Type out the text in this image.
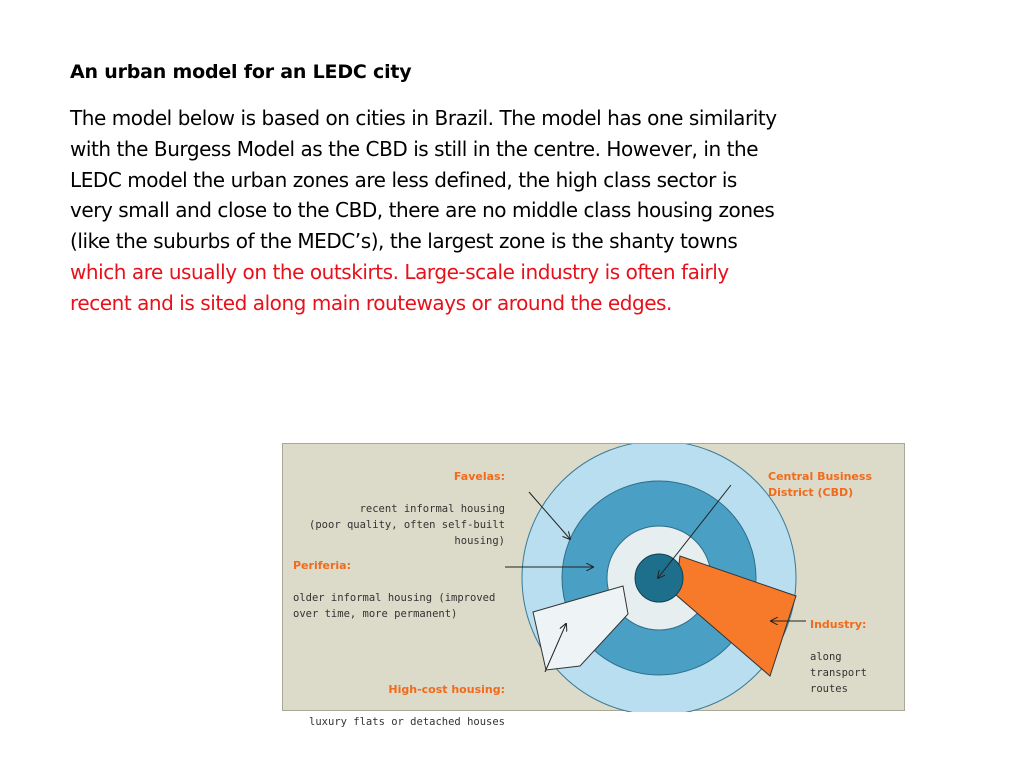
An urban model for an LEDC city

The model below is based on cities in Brazil. The model has one similarity
with the Burgess Model as the CBD is still in the centre. However, in the
LEDC model the urban zones are less defined, the high class sector is
very small and close to the CBD, there are no middle class housing zones
(like the suburbs of the MEDC’s), the largest zone is the shanty towns
which are usually on the outskirts. Large-scale industry is often fairly
recent and is sited along main routeways or around the edges.

Favelas:

recent informal housing
(poor quality, often self-built
housing)

Periferia:

older informal housing (improved
over time, more permanent)

High-cost housing:

luxury flats or detached houses

Central Business
District (CBD)

Industry:

along
transport
routes
